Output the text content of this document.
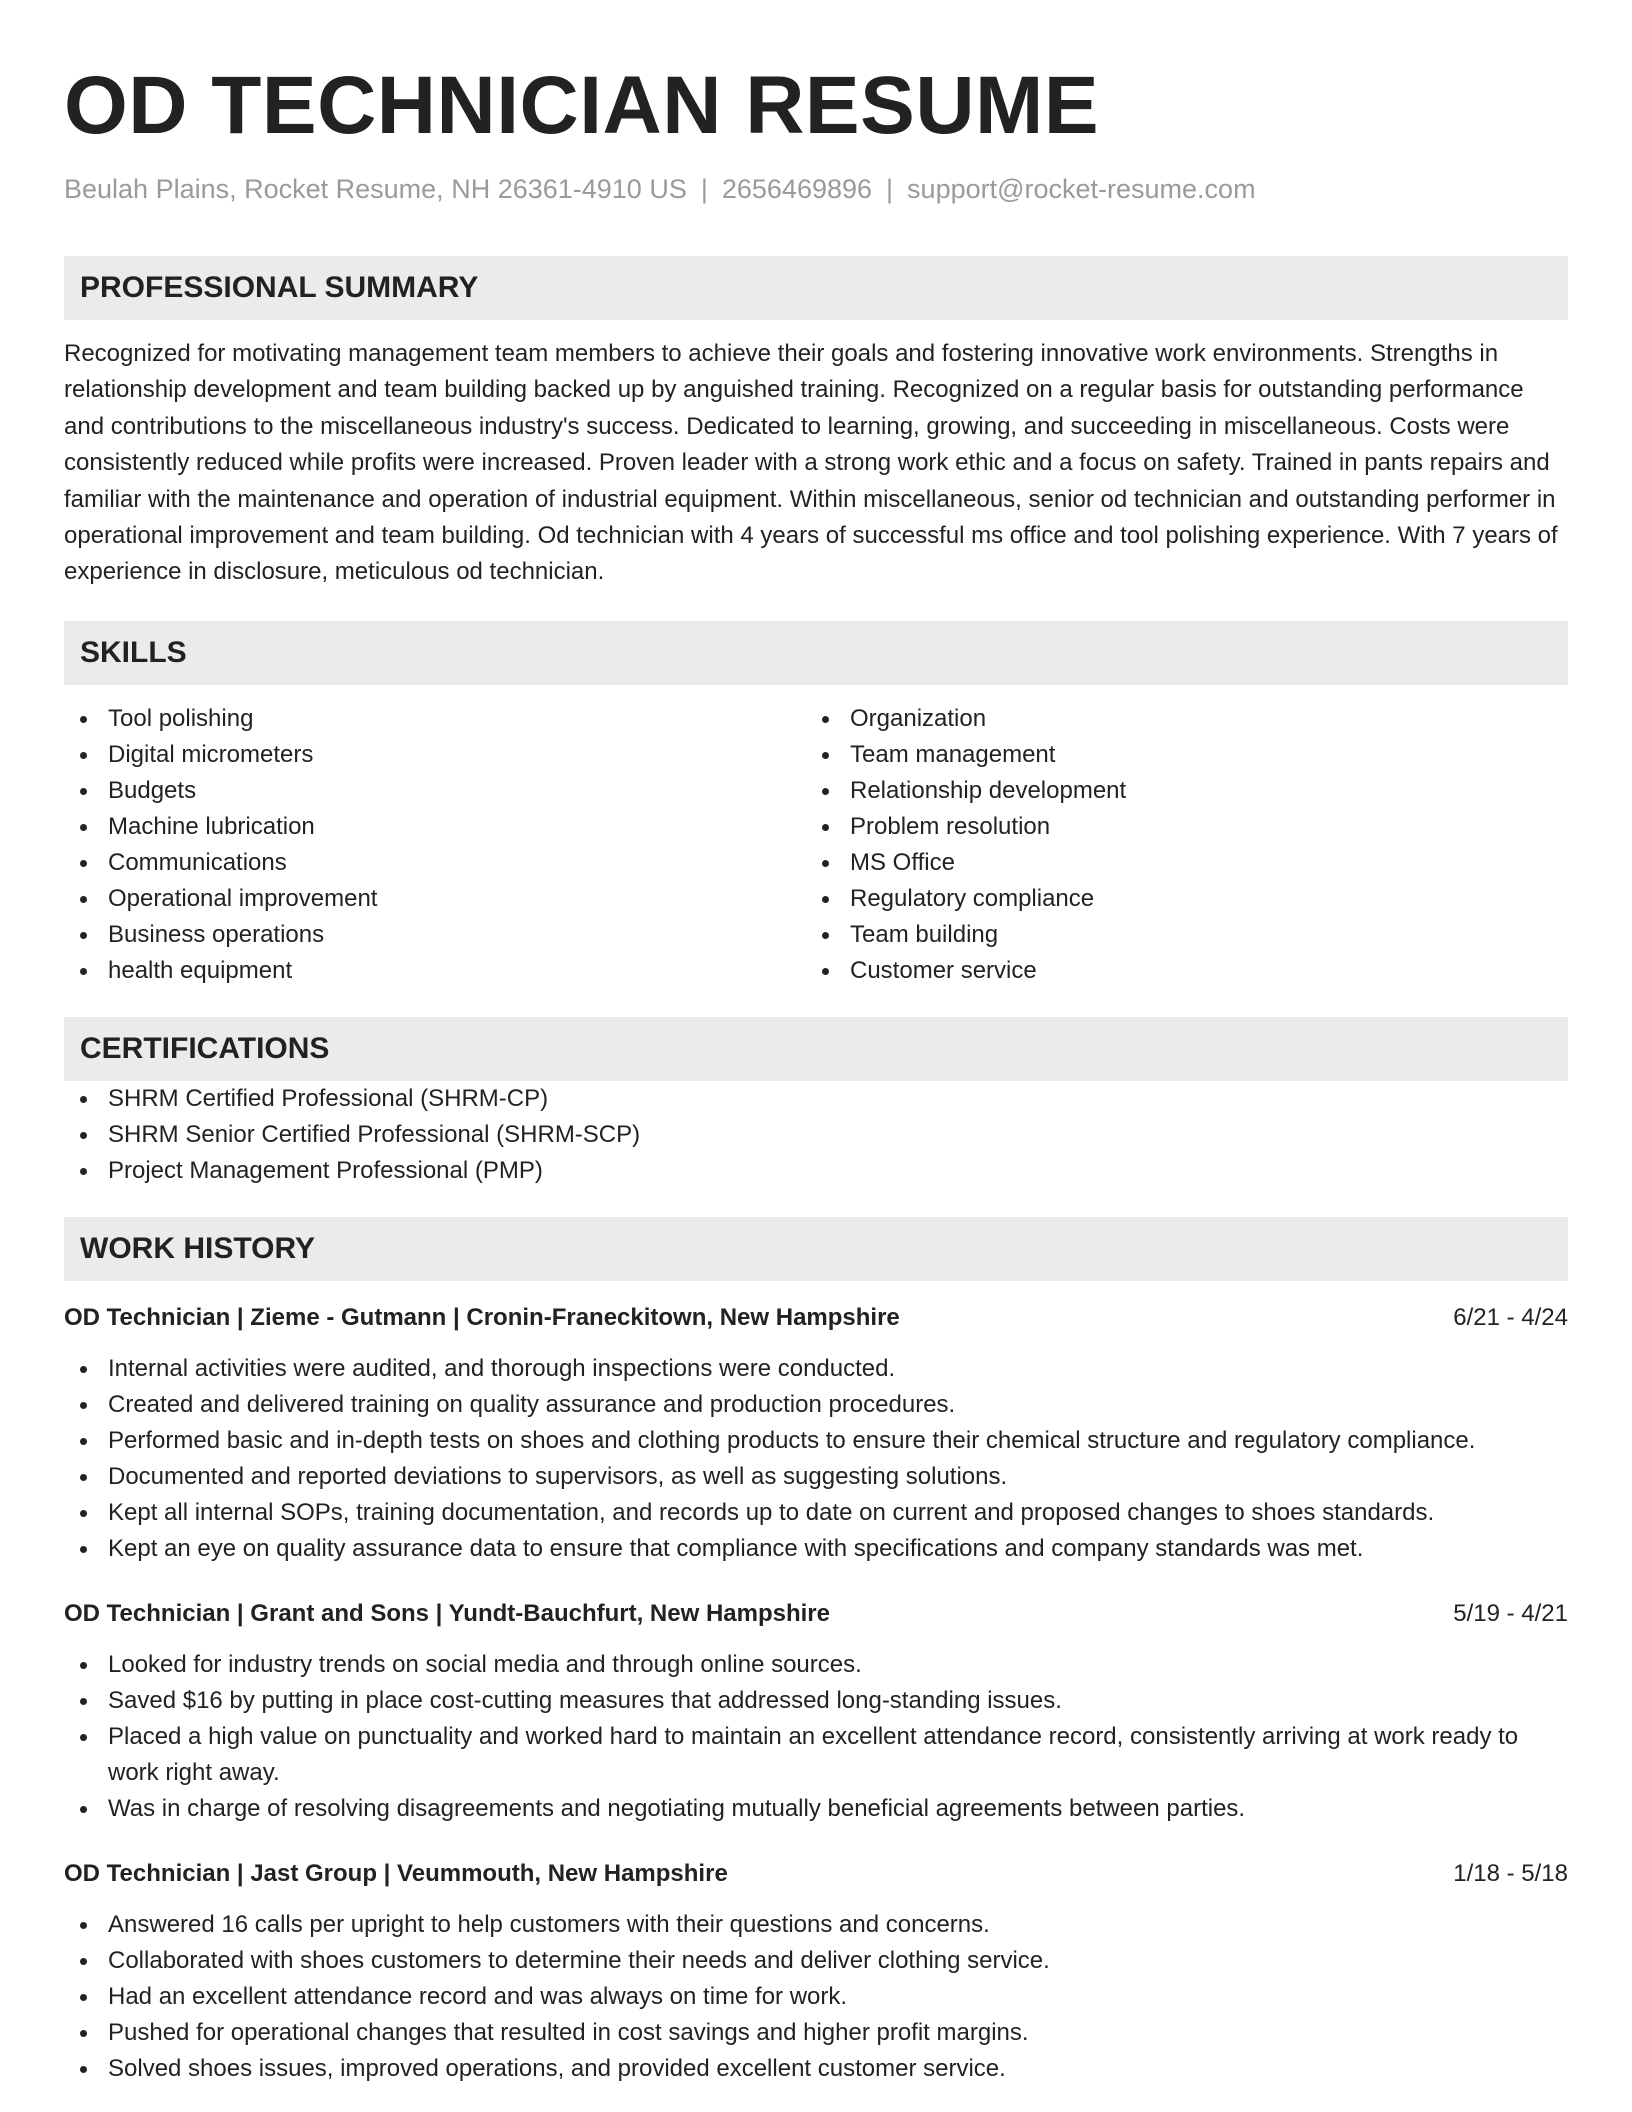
OD TECHNICIAN RESUME
Beulah Plains, Rocket Resume, NH 26361-4910 US | 2656469896 | support@rocket-resume.com
PROFESSIONAL SUMMARY
Recognized for motivating management team members to achieve their goals and fostering innovative work environments. Strengths in relationship development and team building backed up by anguished training. Recognized on a regular basis for outstanding performance and contributions to the miscellaneous industry's success. Dedicated to learning, growing, and succeeding in miscellaneous. Costs were consistently reduced while profits were increased. Proven leader with a strong work ethic and a focus on safety. Trained in pants repairs and familiar with the maintenance and operation of industrial equipment. Within miscellaneous, senior od technician and outstanding performer in operational improvement and team building. Od technician with 4 years of successful ms office and tool polishing experience. With 7 years of experience in disclosure, meticulous od technician.
SKILLS
Tool polishing
Digital micrometers
Budgets
Machine lubrication
Communications
Operational improvement
Business operations
health equipment
Organization
Team management
Relationship development
Problem resolution
MS Office
Regulatory compliance
Team building
Customer service
CERTIFICATIONS
SHRM Certified Professional (SHRM-CP)
SHRM Senior Certified Professional (SHRM-SCP)
Project Management Professional (PMP)
WORK HISTORY
OD Technician | Zieme - Gutmann | Cronin-Franeckitown, New Hampshire	6/21 - 4/24
Internal activities were audited, and thorough inspections were conducted.
Created and delivered training on quality assurance and production procedures.
Performed basic and in-depth tests on shoes and clothing products to ensure their chemical structure and regulatory compliance.
Documented and reported deviations to supervisors, as well as suggesting solutions.
Kept all internal SOPs, training documentation, and records up to date on current and proposed changes to shoes standards.
Kept an eye on quality assurance data to ensure that compliance with specifications and company standards was met.
OD Technician | Grant and Sons | Yundt-Bauchfurt, New Hampshire	5/19 - 4/21
Looked for industry trends on social media and through online sources.
Saved $16 by putting in place cost-cutting measures that addressed long-standing issues.
Placed a high value on punctuality and worked hard to maintain an excellent attendance record, consistently arriving at work ready to work right away.
Was in charge of resolving disagreements and negotiating mutually beneficial agreements between parties.
OD Technician | Jast Group | Veummouth, New Hampshire	1/18 - 5/18
Answered 16 calls per upright to help customers with their questions and concerns.
Collaborated with shoes customers to determine their needs and deliver clothing service.
Had an excellent attendance record and was always on time for work.
Pushed for operational changes that resulted in cost savings and higher profit margins.
Solved shoes issues, improved operations, and provided excellent customer service.
